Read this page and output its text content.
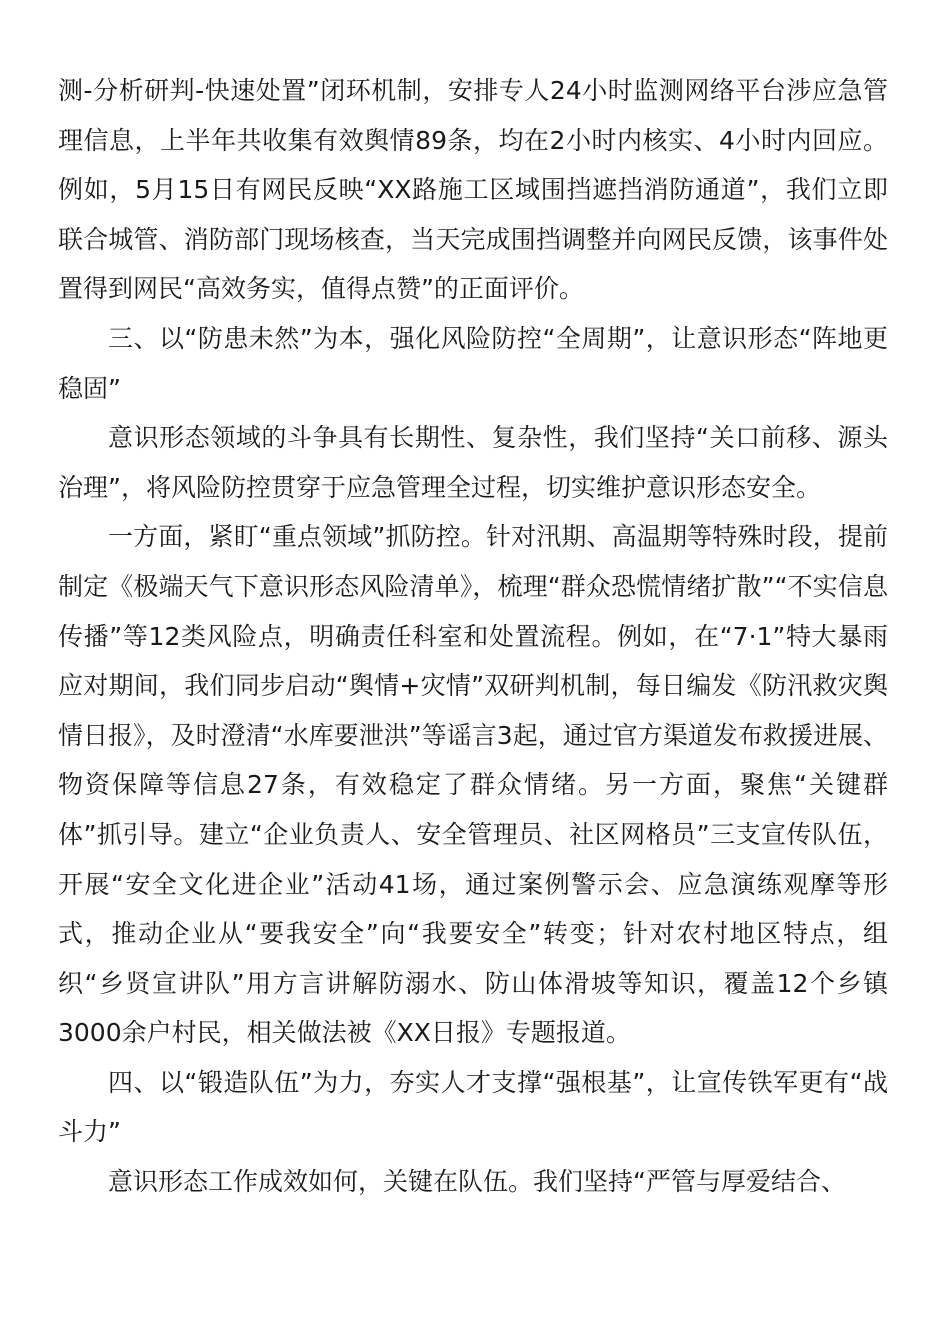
测-分析研判-快速处置”闭环机制，安排专人24小时监测网络平台涉应急管理信息，上半年共收集有效舆情89条，均在2小时内核实、4小时内回应。例如，5月15日有网民反映“XX路施工区域围挡遮挡消防通道”，我们立即联合城管、消防部门现场核查，当天完成围挡调整并向网民反馈，该事件处置得到网民“高效务实，值得点赞”的正面评价。

三、以“防患未然”为本，强化风险防控“全周期”，让意识形态“阵地更稳固”

意识形态领域的斗争具有长期性、复杂性，我们坚持“关口前移、源头治理”，将风险防控贯穿于应急管理全过程，切实维护意识形态安全。

一方面，紧盯“重点领域”抓防控。针对汛期、高温期等特殊时段，提前制定《极端天气下意识形态风险清单》，梳理“群众恐慌情绪扩散”“不实信息传播”等12类风险点，明确责任科室和处置流程。例如，在“7·1”特大暴雨应对期间，我们同步启动“舆情+灾情”双研判机制，每日编发《防汛救灾舆情日报》，及时澄清“水库要泄洪”等谣言3起，通过官方渠道发布救援进展、物资保障等信息27条，有效稳定了群众情绪。另一方面，聚焦“关键群体”抓引导。建立“企业负责人、安全管理员、社区网格员”三支宣传队伍，开展“安全文化进企业”活动41场，通过案例警示会、应急演练观摩等形式，推动企业从“要我安全”向“我要安全”转变；针对农村地区特点，组织“乡贤宣讲队”用方言讲解防溺水、防山体滑坡等知识，覆盖12个乡镇3000余户村民，相关做法被《XX日报》专题报道。

四、以“锻造队伍”为力，夯实人才支撑“强根基”，让宣传铁军更有“战斗力”

意识形态工作成效如何，关键在队伍。我们坚持“严管与厚爱结合、
